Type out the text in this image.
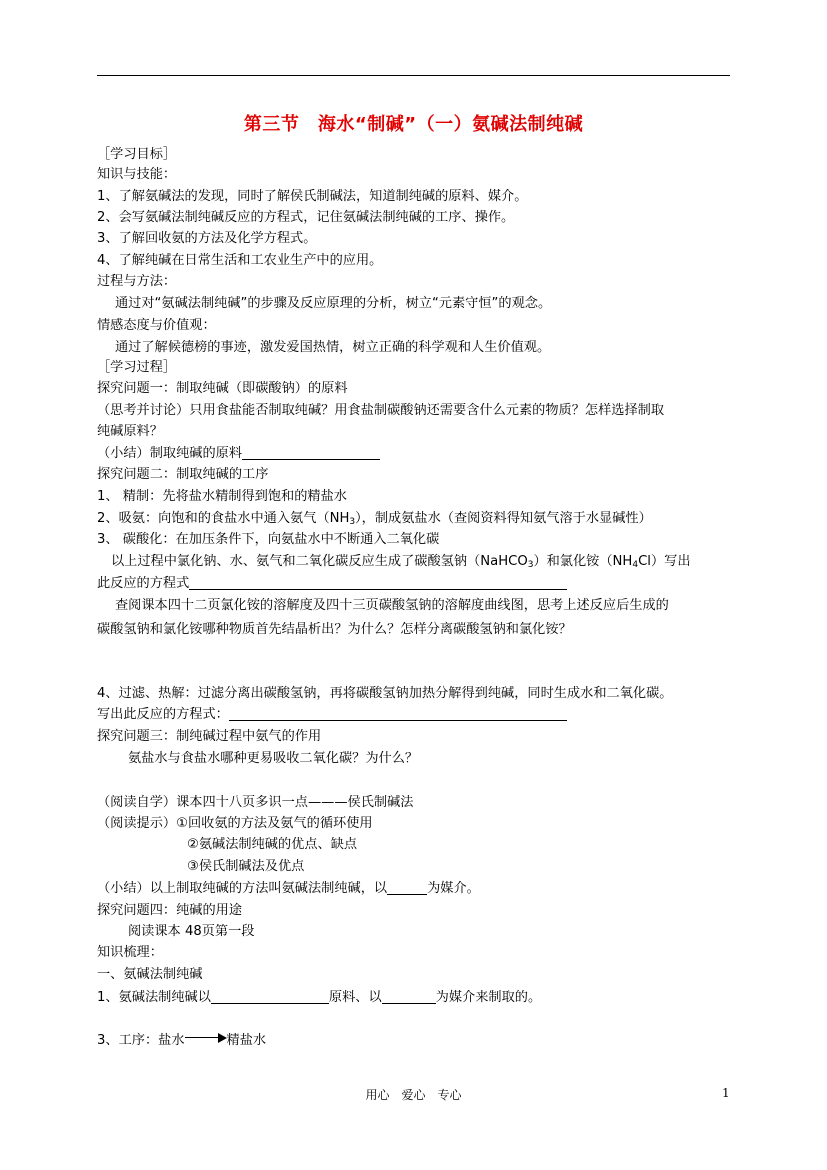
第三节　海水“制碱”（一）氨碱法制纯碱
［学习目标］
知识与技能：
1、了解氨碱法的发现，同时了解侯氏制碱法，知道制纯碱的原料、媒介。
2、会写氨碱法制纯碱反应的方程式，记住氨碱法制纯碱的工序、操作。
3、了解回收氨的方法及化学方程式。
4、了解纯碱在日常生活和工农业生产中的应用。
过程与方法：
通过对“氨碱法制纯碱”的步骤及反应原理的分析，树立“元素守恒”的观念。
情感态度与价值观：
通过了解候德榜的事迹，激发爱国热情，树立正确的科学观和人生价值观。
［学习过程］
探究问题一：制取纯碱（即碳酸钠）的原料
（思考并讨论）只用食盐能否制取纯碱？用食盐制碳酸钠还需要含什么元素的物质？怎样选择制取
纯碱原料？
（小结）制取纯碱的原料
探究问题二：制取纯碱的工序
1、 精制：先将盐水精制得到饱和的精盐水
2、吸氨：向饱和的食盐水中通入氨气$(NH_3)$，制成氨盐水（查阅资料得知氨气溶于水显碱性）
3、 碳酸化：在加压条件下，向氨盐水中不断通入二氧化碳
以上过程中氯化钠、水、氨气和二氧化碳反应生成了碳酸氢钠（NaHCO$_3$）和氯化铵$(NH_4Cl)$写出
此反应的方程式
查阅课本四十二页氯化铵的溶解度及四十三页碳酸氢钠的溶解度曲线图，思考上述反应后生成的
碳酸氢钠和氯化铵哪种物质首先结晶析出？为什么？怎样分离碳酸氢钠和氯化铵？
4、过滤、热解：过滤分离出碳酸氢钠，再将碳酸氢钠加热分解得到纯碱，同时生成水和二氧化碳。
写出此反应的方程式：
探究问题三：制纯碱过程中氨气的作用
氨盐水与食盐水哪种更易吸收二氧化碳？为什么？
（阅读自学）课本四十八页多识一点———侯氏制碱法
（阅读提示）①回收氨的方法及氨气的循环使用
②氨碱法制纯碱的优点、缺点
③侯氏制碱法及优点
（小结）以上制取纯碱的方法叫氨碱法制纯碱，以	为媒介。
探究问题四：纯碱的用途
阅读课本 48页第一段
知识梳理：
一、氨碱法制纯碱
1、氨碱法制纯碱以	原料、以	为媒介来制取的。
3、工序：盐水	精盐水
用心　爱心　专心	1
